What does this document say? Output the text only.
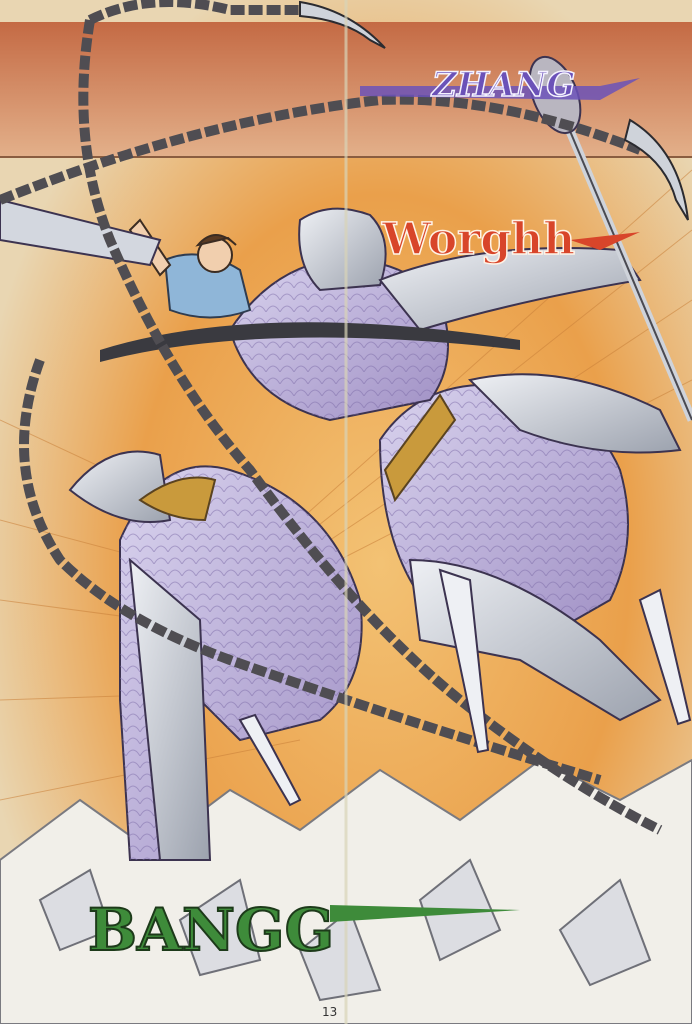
ZHANG
Worghh
BANGG
13
